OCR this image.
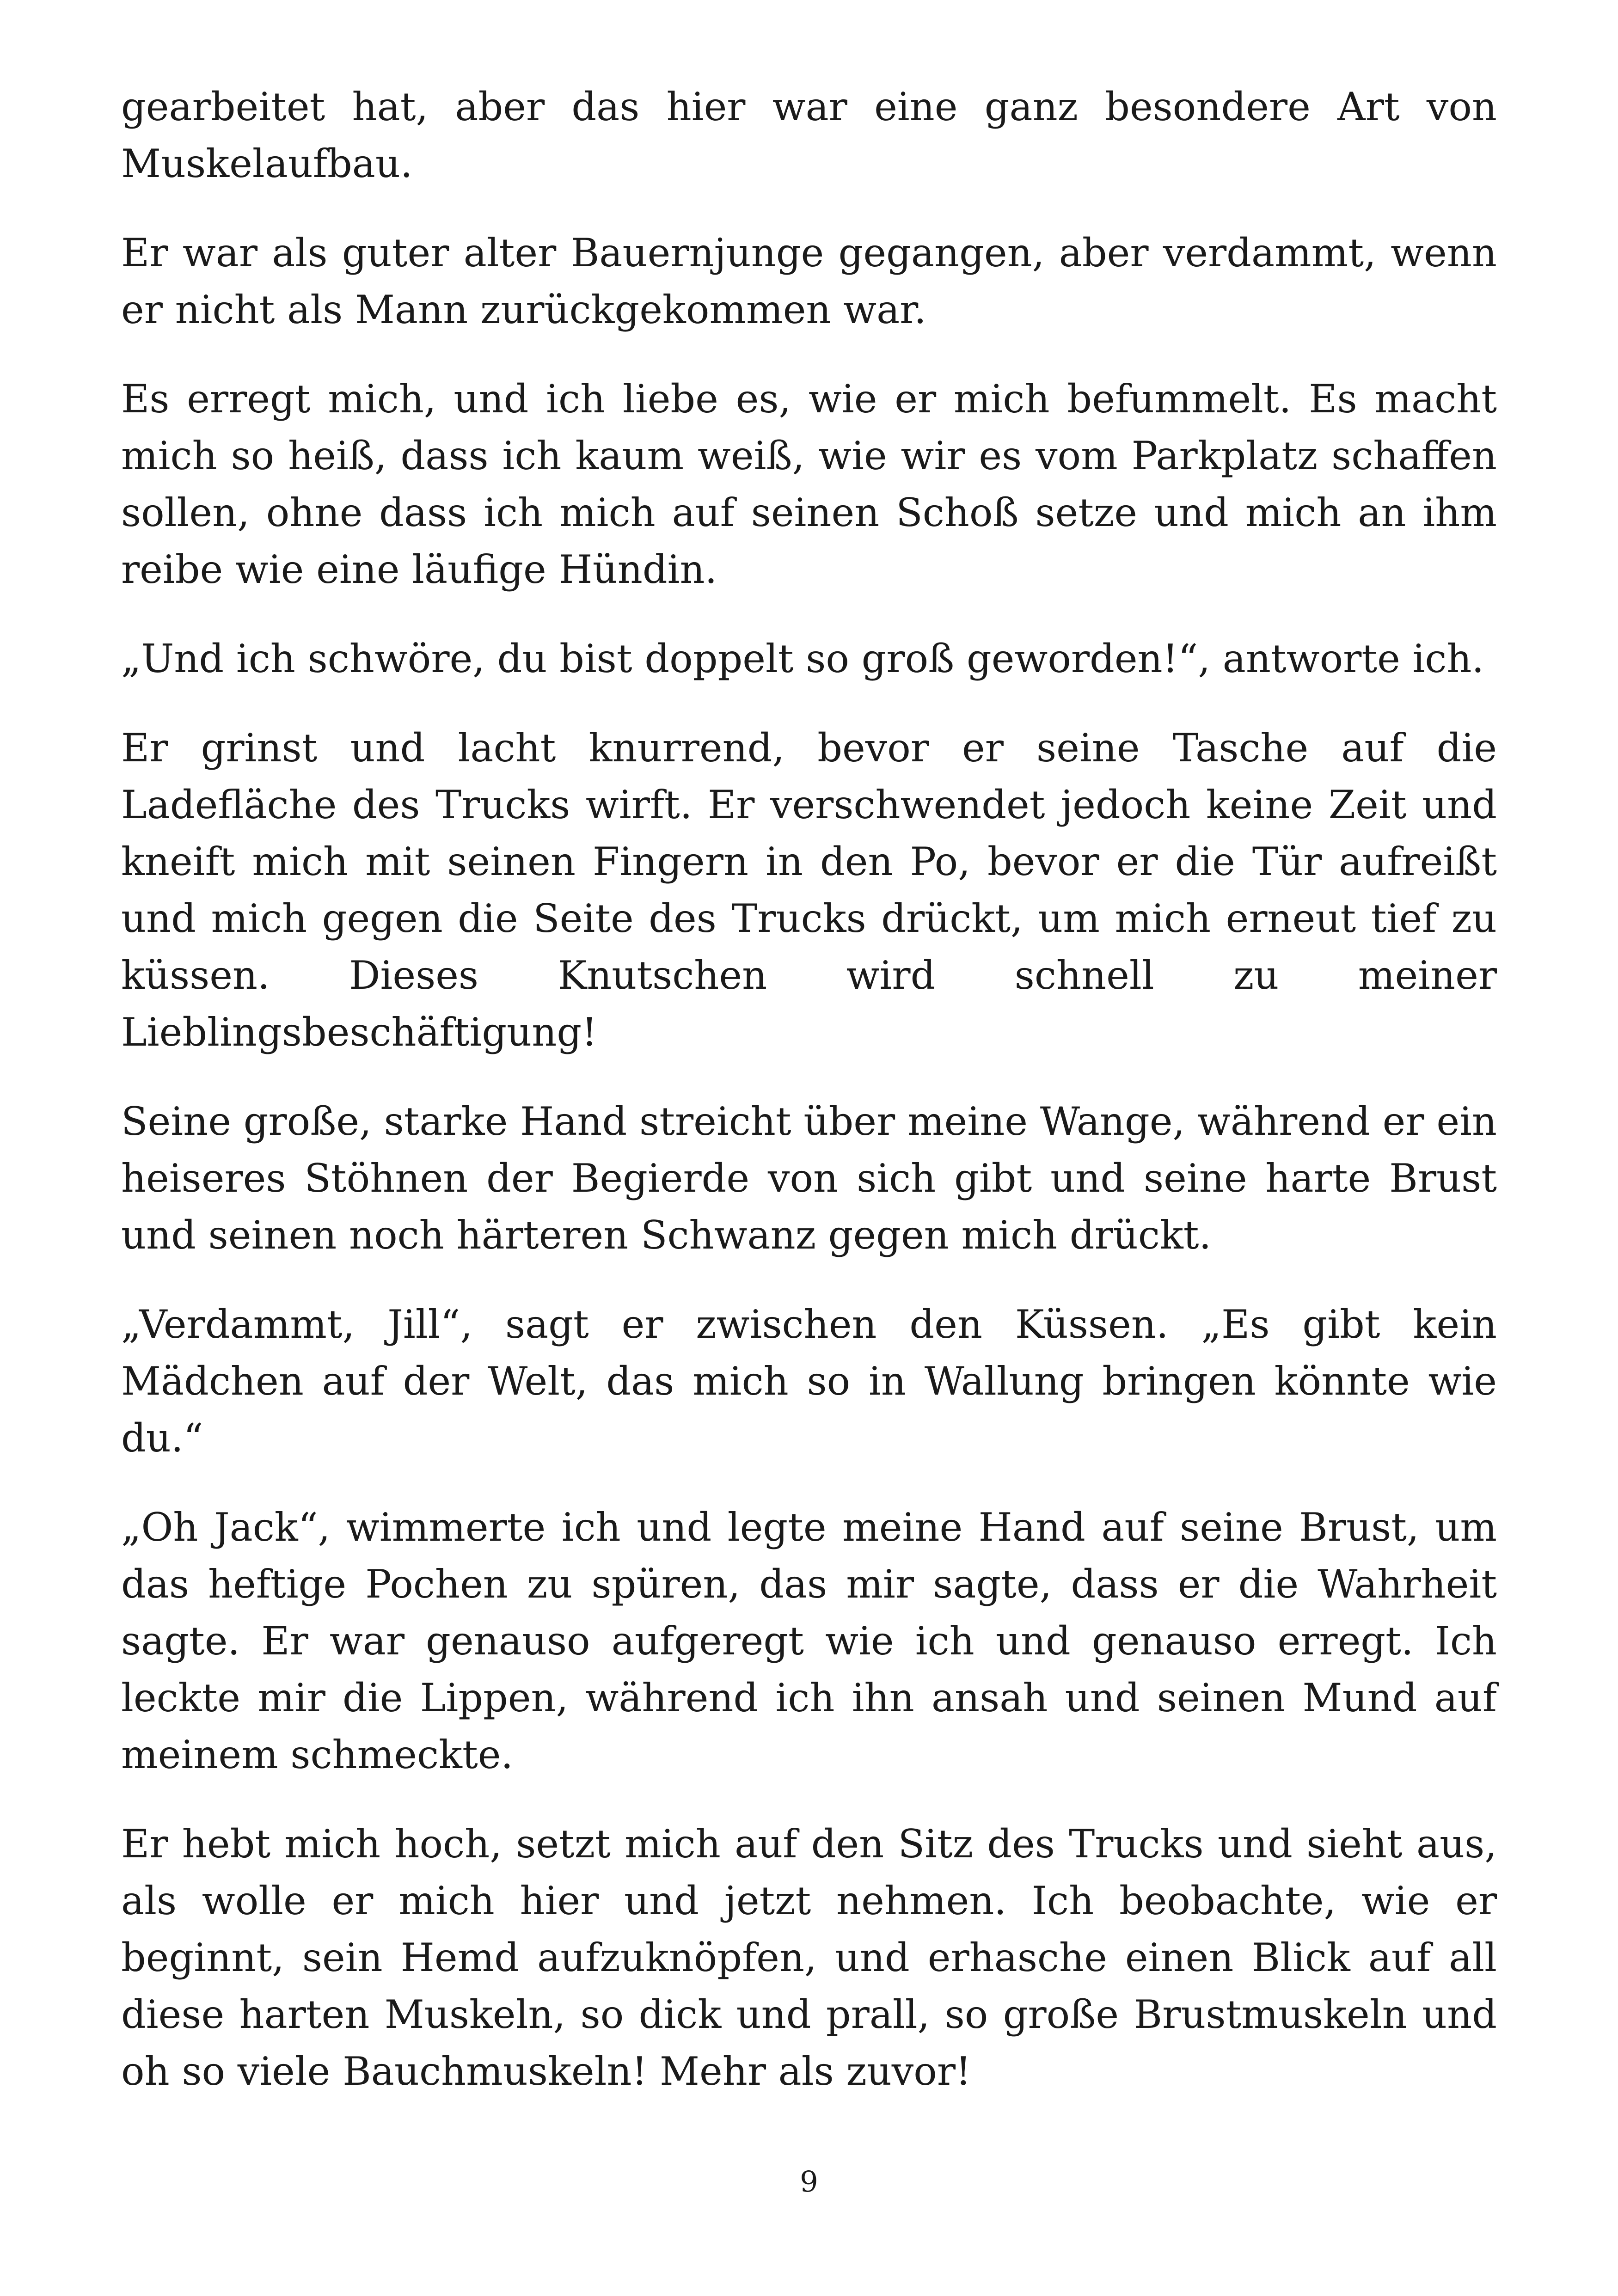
gearbeitet hat, aber das hier war eine ganz besondere Art von Muskelaufbau.

Er war als guter alter Bauernjunge gegangen, aber verdammt, wenn er nicht als Mann zurückgekommen war.

Es erregt mich, und ich liebe es, wie er mich befummelt. Es macht mich so heiß, dass ich kaum weiß, wie wir es vom Parkplatz schaffen sollen, ohne dass ich mich auf seinen Schoß setze und mich an ihm reibe wie eine läufige Hündin.

„Und ich schwöre, du bist doppelt so groß geworden!“, antworte ich.

Er grinst und lacht knurrend, bevor er seine Tasche auf die Ladefläche des Trucks wirft. Er verschwendet jedoch keine Zeit und kneift mich mit seinen Fingern in den Po, bevor er die Tür aufreißt und mich gegen die Seite des Trucks drückt, um mich erneut tief zu küssen. Dieses Knutschen wird schnell zu meiner Lieblingsbeschäftigung!

Seine große, starke Hand streicht über meine Wange, während er ein heiseres Stöhnen der Begierde von sich gibt und seine harte Brust und seinen noch härteren Schwanz gegen mich drückt.

„Verdammt, Jill“, sagt er zwischen den Küssen. „Es gibt kein Mädchen auf der Welt, das mich so in Wallung bringen könnte wie du.“

„Oh Jack“, wimmerte ich und legte meine Hand auf seine Brust, um das heftige Pochen zu spüren, das mir sagte, dass er die Wahrheit sagte. Er war genauso aufgeregt wie ich und genauso erregt. Ich leckte mir die Lippen, während ich ihn ansah und seinen Mund auf meinem schmeckte.

Er hebt mich hoch, setzt mich auf den Sitz des Trucks und sieht aus, als wolle er mich hier und jetzt nehmen. Ich beobachte, wie er beginnt, sein Hemd aufzuknöpfen, und erhasche einen Blick auf all diese harten Muskeln, so dick und prall, so große Brustmuskeln und oh so viele Bauchmuskeln! Mehr als zuvor!

9
